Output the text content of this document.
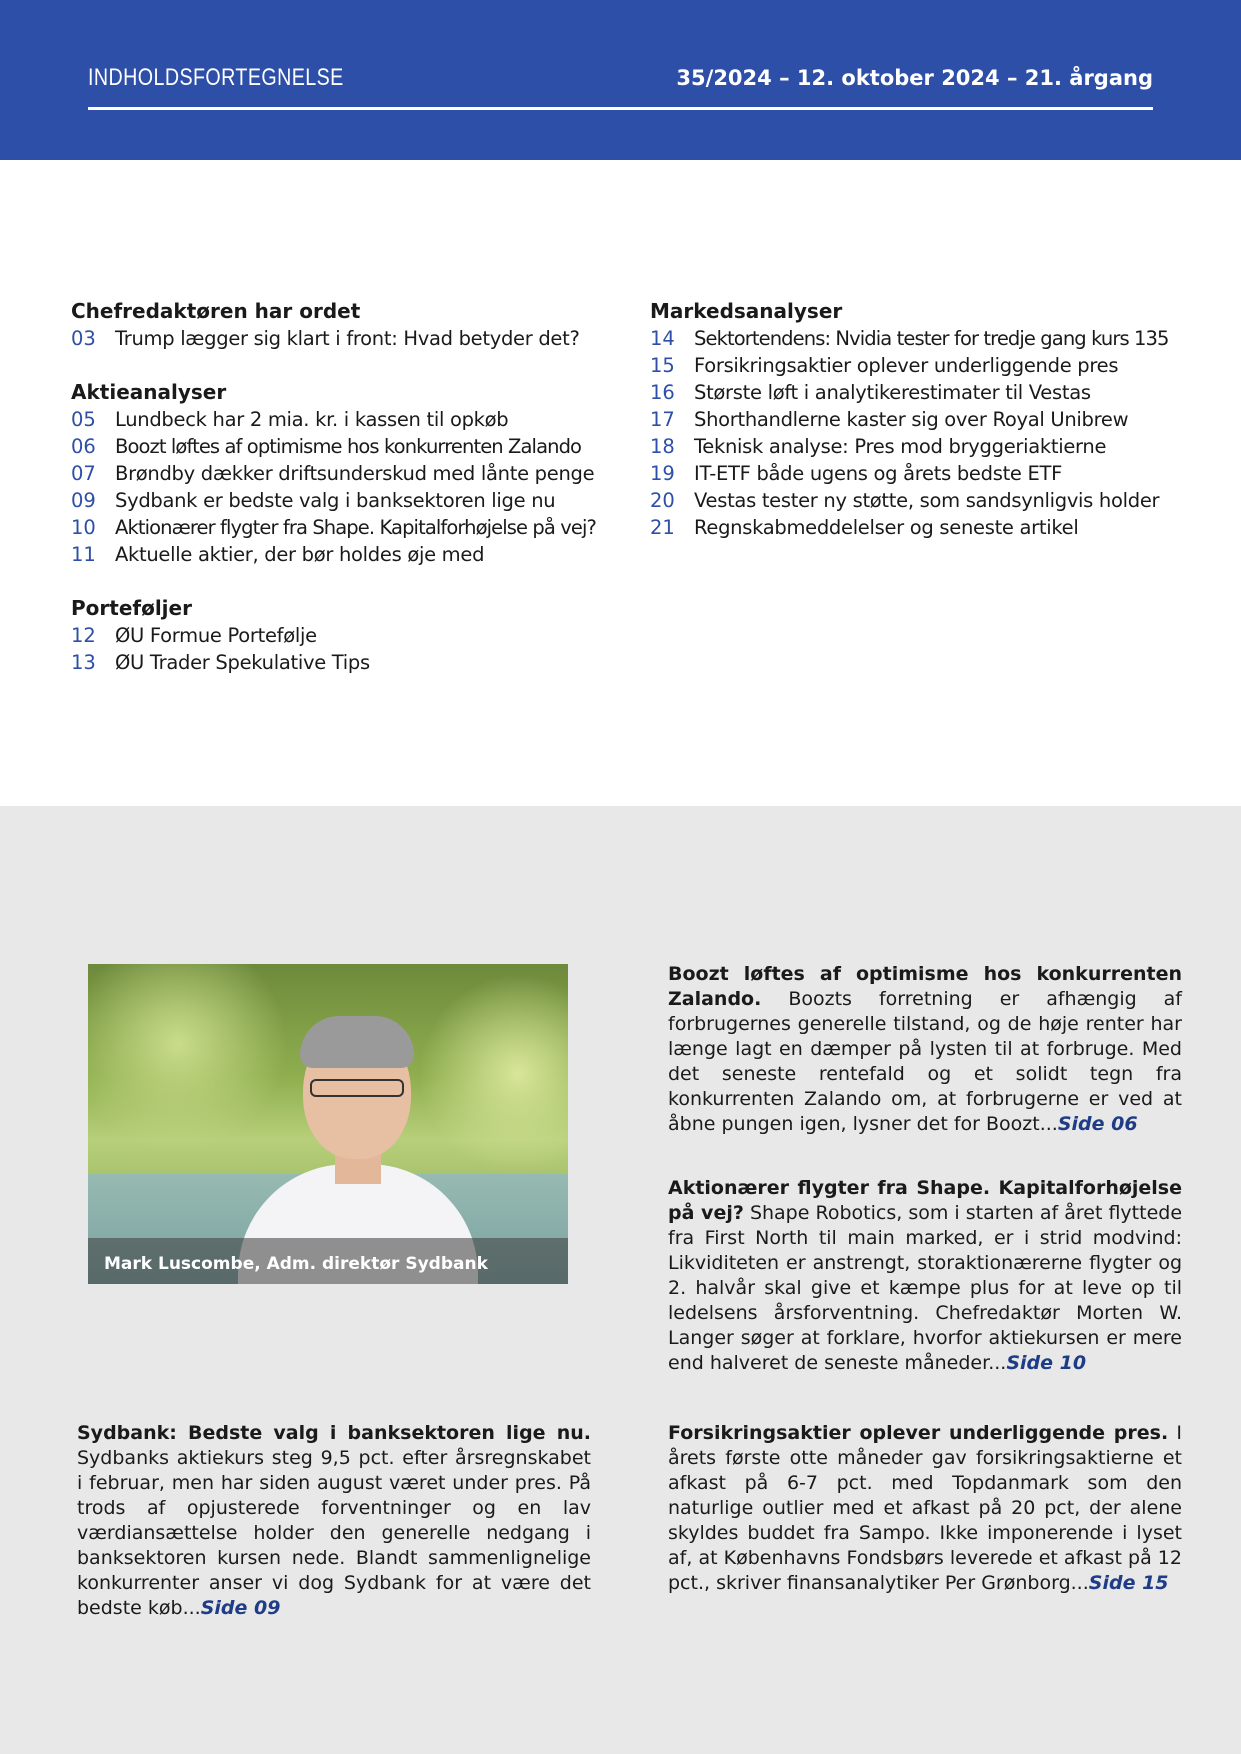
INDHOLDSFORTEGNELSE	35/2024 – 12. oktober 2024 – 21. årgang
Chefredaktøren har ordet
03 Trump lægger sig klart i front: Hvad betyder det?
Aktieanalyser
05 Lundbeck har 2 mia. kr. i kassen til opkøb
06 Boozt løftes af optimisme hos konkurrenten Zalando
07 Brøndby dækker driftsunderskud med lånte penge
09 Sydbank er bedste valg i banksektoren lige nu
10 Aktionærer flygter fra Shape. Kapitalforhøjelse på vej?
11 Aktuelle aktier, der bør holdes øje med
Porteføljer
12 ØU Formue Portefølje
13 ØU Trader Spekulative Tips
Markedsanalyser
14 Sektortendens: Nvidia tester for tredje gang kurs 135
15 Forsikringsaktier oplever underliggende pres
16 Største løft i analytikerestimater til Vestas
17 Shorthandlerne kaster sig over Royal Unibrew
18 Teknisk analyse: Pres mod bryggeriaktierne
19 IT-ETF både ugens og årets bedste ETF
20 Vestas tester ny støtte, som sandsynligvis holder
21 Regnskabmeddelelser og seneste artikel
Mark Luscombe, Adm. direktør Sydbank
Boozt løftes af optimisme hos konkurrenten Zalando. Boozts forretning er afhængig af forbrugernes generelle tilstand, og de høje renter har længe lagt en dæmper på lysten til at forbruge. Med det seneste rentefald og et solidt tegn fra konkurrenten Zalando om, at forbrugerne er ved at åbne pungen igen, lysner det for Boozt...Side 06
Aktionærer flygter fra Shape. Kapitalforhøjelse på vej? Shape Robotics, som i starten af året flyttede fra First North til main marked, er i strid modvind: Likviditeten er anstrengt, storaktionærerne flygter og 2. halvår skal give et kæmpe plus for at leve op til ledelsens årsforventning. Chefredaktør Morten W. Langer søger at forklare, hvorfor aktiekursen er mere end halveret de seneste måneder...Side 10
Sydbank: Bedste valg i banksektoren lige nu. Sydbanks aktiekurs steg 9,5 pct. efter årsregnskabet i februar, men har siden august været under pres. På trods af opjusterede forventninger og en lav værdiansættelse holder den generelle nedgang i banksektoren kursen nede. Blandt sammenlignelige konkurrenter anser vi dog Sydbank for at være det bedste køb...Side 09
Forsikringsaktier oplever underliggende pres. I årets første otte måneder gav forsikringsaktierne et afkast på 6-7 pct. med Topdanmark som den naturlige outlier med et afkast på 20 pct, der alene skyldes buddet fra Sampo. Ikke imponerende i lyset af, at Københavns Fondsbørs leverede et afkast på 12 pct., skriver finansanalytiker Per Grønborg...Side 15
